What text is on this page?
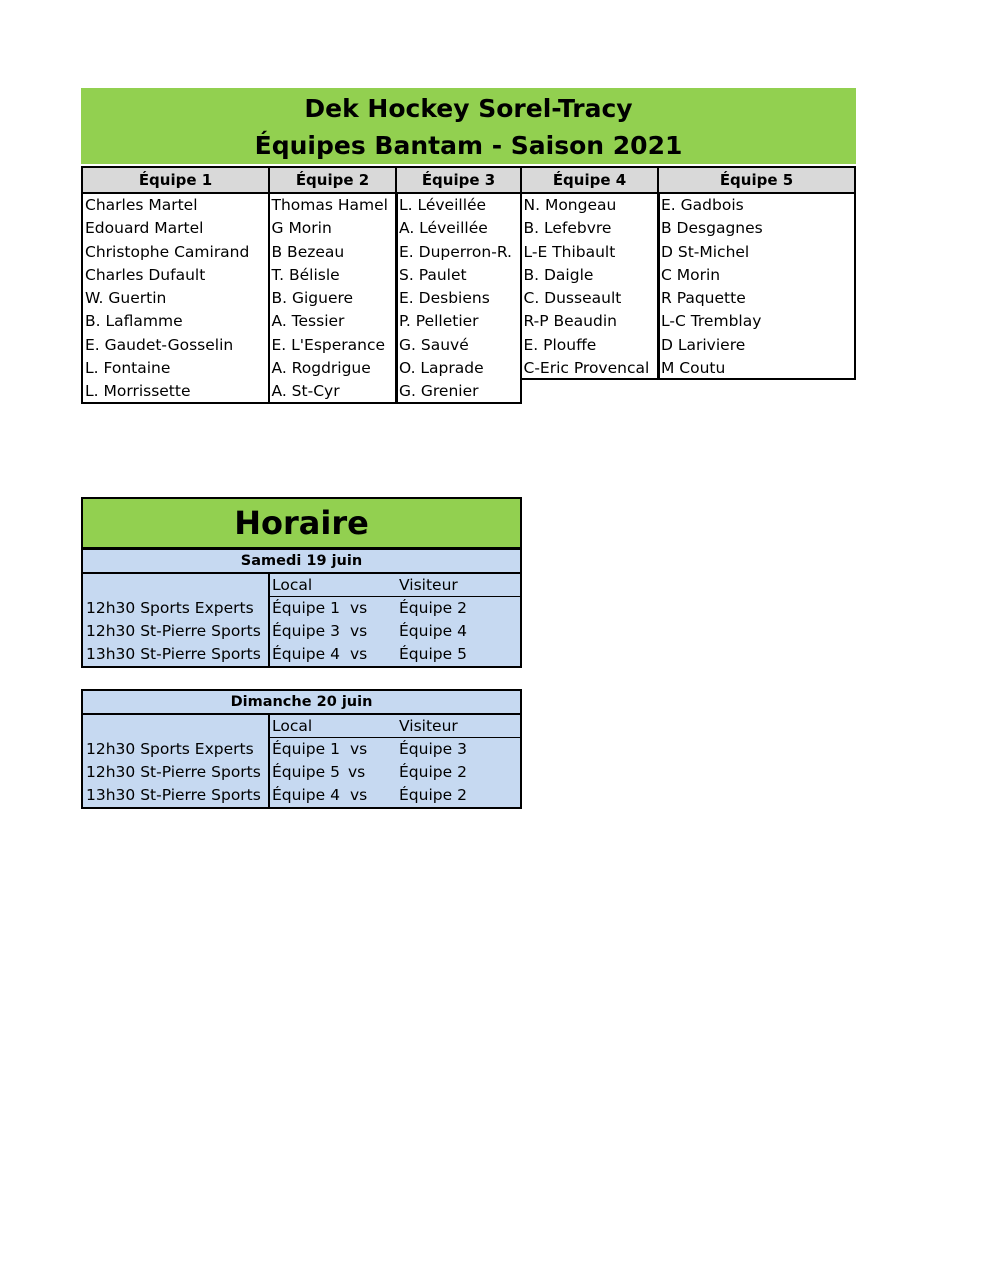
Dek Hockey Sorel-Tracy
Équipes Bantam - Saison 2021
Équipe 1
Charles Martel
Edouard Martel
Christophe Camirand
Charles Dufault
W. Guertin
B. Laflamme
E. Gaudet-Gosselin
L. Fontaine
L. Morrissette
Équipe 2
Thomas Hamel
G Morin
B Bezeau
T. Bélisle
B. Giguere
A. Tessier
E. L'Esperance
A. Rogdrigue
A. St-Cyr
Équipe 3
L. Léveillée
A. Léveillée
E. Duperron-R.
S. Paulet
E. Desbiens
P. Pelletier
G. Sauvé
O. Laprade
G. Grenier
Équipe 4
N. Mongeau
B. Lefebvre
L-E Thibault
B. Daigle
C. Dusseault
R-P Beaudin
E. Plouffe
C-Eric Provencal
Équipe 5
E. Gadbois
B Desgagnes
D St-Michel
C Morin
R Paquette
L-C Tremblay
D Lariviere
M Coutu
Horaire
Samedi 19 juin
Local	Visiteur
12h30 Sports Experts Équipe 1 vs Équipe 2
12h30 St-Pierre Sports Équipe 3 vs Équipe 4
13h30 St-Pierre Sports Équipe 4 vs Équipe 5
Dimanche 20 juin
Local	Visiteur
12h30 Sports Experts Équipe 1 vs Équipe 3
12h30 St-Pierre Sports Équipe 5 vs Équipe 2
13h30 St-Pierre Sports Équipe 4 vs Équipe 2
